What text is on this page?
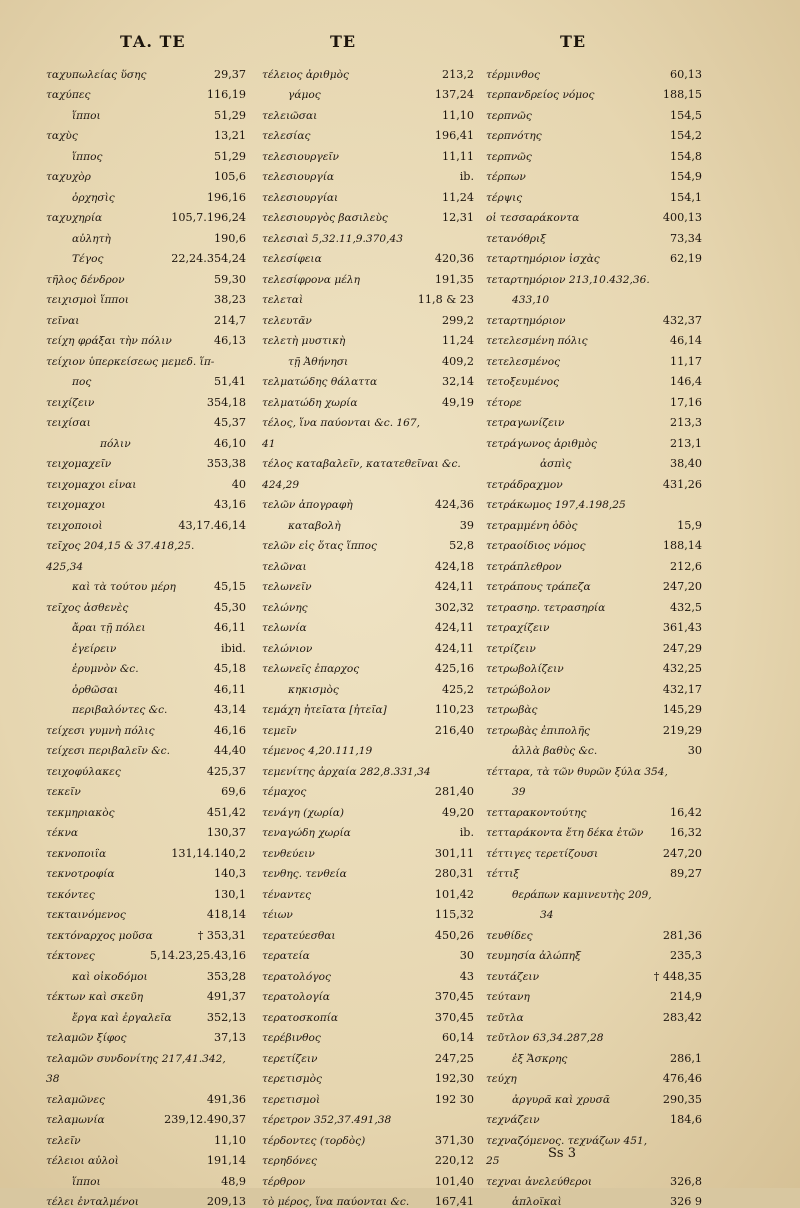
ΤΑ. ΤΕ	ΤΕ	ΤΕ
ταχυπωλείας ὕσης	29,37
ταχύπες	116,19
ἵπποι	51,29
ταχὺς	13,21
ἵππος	51,29
ταχυχὸρ	105,6
ὀρχησὶς	196,16
ταχυχηρία	105,7.196,24
αὐλητὴ	190,6
Τέγος	22,24.354,24
τῆλος δένδρον	59,30
τειχισμοὶ ἵπποι	38,23
τεῖναι	214,7
τείχη φράξαι τὴν πόλιν	46,13
τείχιον ὑπερκείσεως μεμεδ. ἵπ-
πος	51,41
τειχίζειν	354,18
τειχίσαι	45,37
πόλιν	46,10
τειχομαχεῖν	353,38
τειχομαχοι εἶναι	40
τειχομαχοι	43,16
τειχοποιοὶ	43,17.46,14
τεῖχος 204,15 & 37.418,25.
425,34
καὶ τὰ τούτου μέρη	45,15
τεῖχος ἀσθενὲς	45,30
ἄραι τῇ πόλει	46,11
ἐγείρειν	ibid.
ἐρυμνὸν &c.	45,18
ὀρθῶσαι	46,11
περιβαλόντες &c.	43,14
τείχεσι γυμνὴ πόλις	46,16
τείχεσι περιβαλεῖν &c.	44,40
τειχοφύλακες	425,37
τεκεῖν	69,6
τεκμηριακὸς	451,42
τέκνα	130,37
τεκνοποιΐα	131,14.140,2
τεκνοτροφία	140,3
τεκόντες	130,1
τεκταινόμενος	418,14
τεκτόναρχος μοῦσα	† 353,31
τέκτονες	5,14.23,25.43,16
καὶ οἰκοδόμοι	353,28
τέκτων καὶ σκεῦη	491,37
ἔργα καὶ ἐργαλεῖα	352,13
τελαμῶν ξίφος	37,13
τελαμῶν συνδονίτης 217,41.342,
38
τελαμῶνες	491,36
τελαμωνία	239,12.490,37
τελεῖν	11,10
τέλειοι αὐλοὶ	191,14
ἵπποι	48,9
τέλει ἐνταλμένοι	209,13
τέλειος ἀριθμὸς	213,2
γάμος	137,24
τελειῶσαι	11,10
τελεσίας	196,41
τελεσιουργεῖν	11,11
τελεσιουργία	ib.
τελεσιουργίαι	11,24
τελεσιουργὸς βασιλεὺς	12,31
τελεσιαὶ 5,32.11,9.370,43
τελεσίφεια	420,36
τελεσίφρονα μέλη	191,35
τελεταὶ	11,8 & 23
τελευτᾶν	299,2
τελετὴ μυστικὴ	11,24
τῇ Ἀθήνησι	409,2
τελματώδης θάλαττα	32,14
τελματώδη χωρία	49,19
τέλος, ἵνα παύονται &c. 167,
41
τέλος καταβαλεῖν, κατατεθεῖναι &c.
424,29
τελῶν ἀπογραφὴ	424,36
καταβολὴ	39
τελῶν εἰς ὅτας ἵππος	52,8
τελῶναι	424,18
τελωνεῖν	424,11
τελώνης	302,32
τελωνία	424,11
τελώνιον	424,11
τελωνεῖς ἐπαρχος	425,16
κηκισμὸς	425,2
τεμάχη ἠτεῖατα [ἠτεῖα]	110,23
τεμεῖν	216,40
τέμενος 4,20.111,19
τεμενίτης ἀρχαία 282,8.331,34
τέμαχος	281,40
τενάγη (χωρία)	49,20
τεναγώδη χωρία	ib.
τενθεύειν	301,11
τενθης. τενθεία	280,31
τέναντες	101,42
τέιων	115,32
τερατεύεσθαι	450,26
τερατεία	30
τερατολόγος	43
τερατολογία	370,45
τερατοσκοπία	370,45
τερέβινθος	60,14
τερετίζειν	247,25
τερετισμὸς	192,30
τερετισμοὶ	192 30
τέρετρον 352,37.491,38
τέρδοντες (τορδὸς)	371,30
τερηδόνες	220,12
τέρθρον	101,40
τὸ μέρος, ἵνα παύονται &c.	167,41
τέρμινθος	60,13
τερπανδρείος νόμος	188,15
τερπνῶς	154,5
τερπνότης	154,2
τερπνῶς	154,8
τέρπων	154,9
τέρψις	154,1
οἱ τεσσαράκοντα	400,13
τετανόθριξ	73,34
τεταρτημόριον ἰσχὰς	62,19
τεταρτημόριον 213,10.432,36.
433,10
τεταρτημόριον	432,37
τετελεσμένη πόλις	46,14
τετελεσμένος	11,17
τετοξευμένος	146,4
τέτορε	17,16
τετραγωνίζειν	213,3
τετράγωνος ἀριθμὸς	213,1
ἀσπὶς	38,40
τετράδραχμον	431,26
τετράκωμος 197,4.198,25
τετραμμένη ὁδὸς	15,9
τετραοίδιος νόμος	188,14
τετράπλεθρον	212,6
τετράπους τράπεζα	247,20
τετρασηρ. τετρασηρία	432,5
τετραχίζειν	361,43
τετρίζειν	247,29
τετρωβολίζειν	432,25
τετρώβολον	432,17
τετρωβὰς	145,29
τετρωβὰς ἐπιπολῆς	219,29
ἀλλὰ βαθὺς &c.	30
τέτταρα, τὰ τῶν θυρῶν ξύλα 354,
39
τετταρακοντούτης	16,42
τετταράκοντα ἔτη δέκα ἐτῶν	16,32
τέττιγες τερετίζουσι	247,20
τέττιξ	89,27
θεράπων καμινευτὴς 209,
34
τευθίδες	281,36
τευμησία ἀλώπηξ	235,3
τευτάζειν	† 448,35
τεύτανη	214,9
τεῦτλα	283,42
τεῦτλον 63,34.287,28
ἐξ Ἄσκρης	286,1
τεύχη	476,46
ἀργυρᾶ καὶ χρυσᾶ	290,35
τεχνάζειν	184,6
τεχναζόμενος. τεχνάζων 451,
25
τεχναι ἀνελεύθεροι	326,8
ἁπλοϊκαὶ	326 9
Ss 3
